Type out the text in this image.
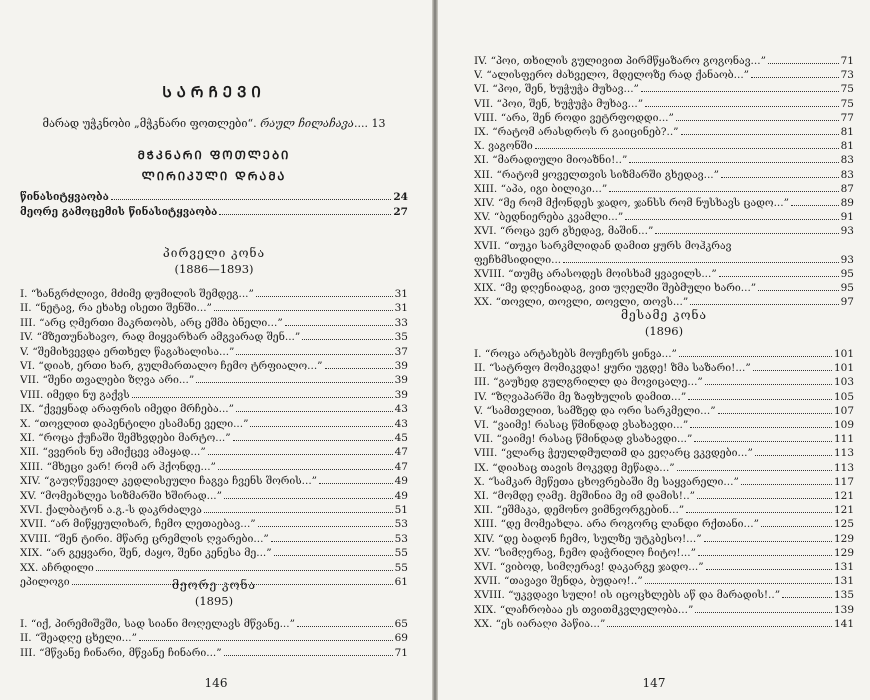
ᲡᲐᲠᲩᲔᲕᲘ
მარად უჭკნობი „მჭკნარი ფოთლები“. რაულ ჩილაჩავა.... 13
ᲛᲭᲙᲜᲐᲠᲘ ᲤᲝᲗᲚᲔᲑᲘ
ᲚᲘᲠᲘᲙᲣᲚᲘ ᲓᲠᲐᲛᲐ
წინასიტყვაობა	24
მეორე გამოცემის წინასიტყვაობა	27
პირველი კონა
(1886—1893)
I. “ხანგრძლივი, მძიმე დუმილის შემდეგ...”	31
II. “ნეტავ, რა ეხახე ისეთი შენში...”	31
III. “არც ღმერთი მაკრთობს, არც ეშმა ბნელი...”	33
IV. “მზეთუნახავო, რად მიყვარხარ ამგვარად შენ...”	35
V. “შემიხვევდა ერთხელ წაგახალისა...”	37
VI. “დიახ, ერთი ხარ, გულმართალო ჩემო ტრფიალო...”	39
VII. “შენი თვალები ზღვა არი...”	39
VIII. იმედი ნუ გაქვს	39
IX. “ქვეყნად არაფრის იმედი მრჩება...”	43
X. “თოვლით დაპენტილი ესამანე ველი...”	43
XI. “როცა ქუჩაში შემხვდები მარტო...”	45
XII. “ვვერის ნუ ამიქცევ ამაყად...”	47
XIII. “მხეცი ვარ! რომ არ ჰქონდე...”	47
XIV. “გაუღწევეილ კედლისეული ჩაგვა ჩვენს შორის...”	49
XV. “მომეახლეა სიზმარში ხშირად...”	49
XVI. ქალბატონ ა.გ.-ს დაკრძალვა	51
XVII. “არ მიწყეულიხარ, ჩემო ლეთაებავ...”	53
XVIII. “შენ ტირი. მწარე ცრემლის ღვარები...”	53
XIX. “არ გეყვარი, შენ, ძაყო, შენი კენესა მე...”	55
XX. აჩრდილი	55
ეპილოგი	61
მეორე კონა
(1895)
I. “იქ, პირემიშვში, სად სიანი მოღელავს მწვანე...”	65
II. “შეადღე ცხელი...”	69
III. “მწვანე ჩინარი, მწვანე ჩინარი...”	71
146
IV. “პოი, თხილის გულივით პირმწყაზარო გოგონავ...”	71
V. “ალისფერო ძახველო, მდელოზე რად ქანაობ...”	73
VI. “პოი, შენ, ხუჭუჭა მუხავ...”	75
VII. “პოი, შენ, ხუჭუჭა მუხავ...”	75
VIII. “არა, შენ როდი ვეტრფოდდი...”	77
IX. “რატომ არასდროს რ გაიცინებ?..”	81
X. ვაგონში	81
XI. “მარადიული მიოაზნი!..”	83
XII. “რატომ ყოველთვის სიზმარში გხედავ...”	83
XIII. “აპა, იგი ბილიკი...”	87
XIV. “მე რომ მქონდეს ჯადო, ჯანსს რომ ნუსხავს ცადო...”	89
XV. “ბედნიერება კვამლი...”	91
XVI. “როცა ვერ გხედავ, მაშინ...”	93
XVII. “თუკი სარკმლიდან დამით ყურს მოჰკრავ
ფეჩხმსიდილი...	93
XVIII. “თუმც არასოდეს მოისხამ ყვავილს...”	95
XIX. “მე დღენიადაგ, ვით უღელში შებმული ხარი...”	95
XX. “თოვლი, თოვლი, თოვლი, თოვს...”	97
მესამე კონა
(1896)
I. “როცა არტახებს მოუჩერს ყინვა...”	101
II. “სატრფო მომიკვდა! ყური უგდე! ზმა საზარი!...”	101
III. “გაუხედ გულგრილლ და მოვიცალე...”	103
IV. “ზღვაპარში მე ზაფხულის დამით...”	105
V. “სამთვლით, სამზედ და ორი სარკმელი...”	107
VI. “ვაიმე! რასაც წმინდად ვსახავდი...”	109
VII. “ვაიმე! რასაც წმინდად ვსახავდი...”	111
VIII. “ვლარც ჭეულდმულთმ და ვეღარც ვკვდები...”	113
IX. “დიახაც თავის მოკვდე მეწადა...”	113
X. “სამკარ მეწეთა ცხოვრებაში მე საყვარელი...”	117
XI. “მომდე ღამე. მეშინია მე იმ დამის!..”	121
XII. “ეშმაკა, დემონო ვიმნვორგებინ...”	121
XIII. “დე მომეახლა. არა როგორც ლანდი რქთანი...”	125
XIV. “დე ბადონ ჩემო, სულზე უტკბესო!...”	129
XV. “სიმღერავ, ჩემო დაჭრილო ჩიტო!...”	129
XVI. “ვიბოდ, სიმღერავ! დაკარგე ჯადო...”	131
XVII. “თავავი შენდა, ბუდაო!..”	131
XVIII. “უკვდავი სული! ის იცოცხლებს აწ და მარადის!..”	135
XIX. “ლაჩრობაა ეს თვითმკვლელობა...”	139
XX. “ეს იარაღი პაწია...”	141
147
